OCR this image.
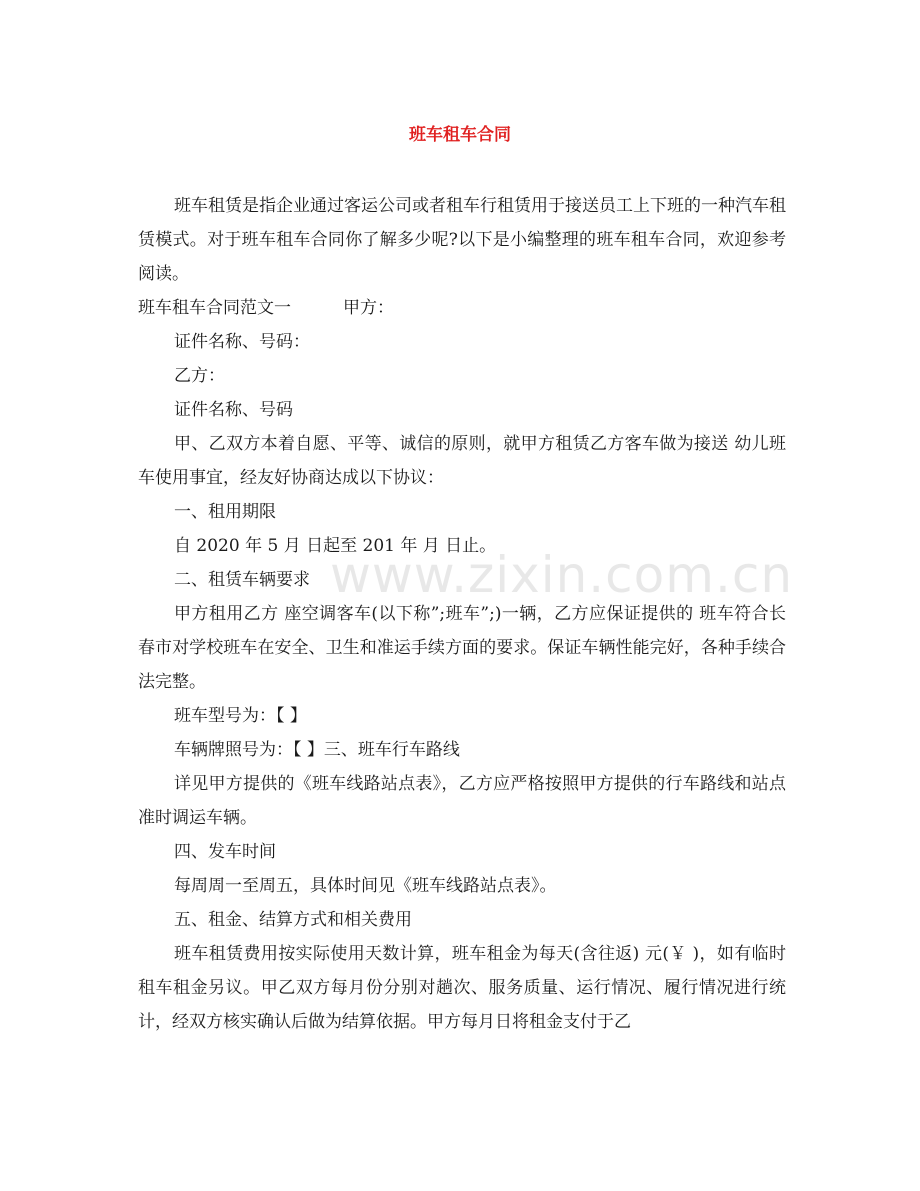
班车租车合同

班车租赁是指企业通过客运公司或者租车行租赁用于接送员工上下班的一种汽车租赁模式。对于班车租车合同你了解多少呢?以下是小编整理的班车租车合同，欢迎参考阅读。

班车租车合同范文一	甲方：

证件名称、号码：

乙方：

证件名称、号码

甲、乙双方本着自愿、平等、诚信的原则，就甲方租赁乙方客车做为接送 幼儿班车使用事宜，经友好协商达成以下协议：

一、租用期限

自 2020 年 5 月 日起至 201 年 月 日止。

二、租赁车辆要求

甲方租用乙方 座空调客车(以下称”;班车”;)一辆，乙方应保证提供的 班车符合长春市对学校班车在安全、卫生和准运手续方面的要求。保证车辆性能完好，各种手续合法完整。

班车型号为：【 】

车辆牌照号为：【 】三、班车行车路线

详见甲方提供的《班车线路站点表》，乙方应严格按照甲方提供的行车路线和站点准时调运车辆。

四、发车时间

每周周一至周五，具体时间见《班车线路站点表》。

五、租金、结算方式和相关费用

班车租赁费用按实际使用天数计算，班车租金为每天(含往返) 元(￥ )，如有临时租车租金另议。甲乙双方每月份分别对趟次、服务质量、运行情况、履行情况进行统计，经双方核实确认后做为结算依据。甲方每月日将租金支付于乙

www.zixin.com.cn
